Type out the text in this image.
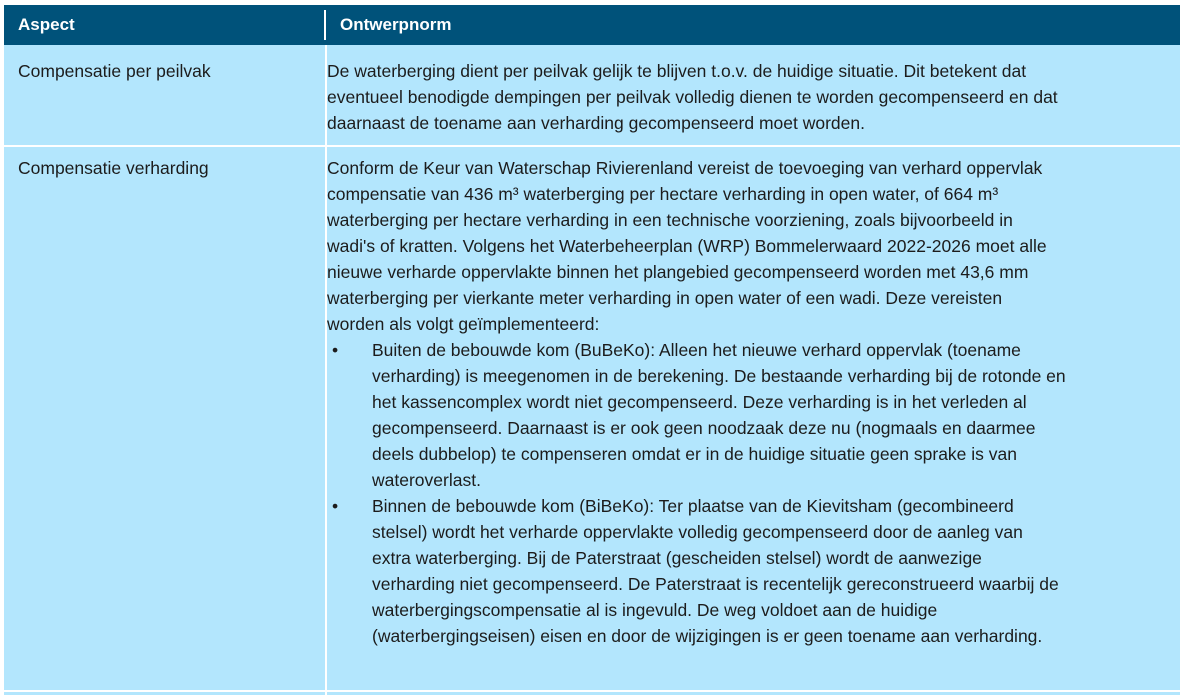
Aspect	Ontwerpnorm
Compensatie per peilvak	De waterberging dient per peilvak gelijk te blijven t.o.v. de huidige situatie. Dit betekent dat
eventueel benodigde dempingen per peilvak volledig dienen te worden gecompenseerd en dat
daarnaast de toename aan verharding gecompenseerd moet worden.
Compensatie verharding	Conform de Keur van Waterschap Rivierenland vereist de toevoeging van verhard oppervlak
compensatie van 436 m³ waterberging per hectare verharding in open water, of 664 m³
waterberging per hectare verharding in een technische voorziening, zoals bijvoorbeeld in
wadi's of kratten. Volgens het Waterbeheerplan (WRP) Bommelerwaard 2022-2026 moet alle
nieuwe verharde oppervlakte binnen het plangebied gecompenseerd worden met 43,6 mm
waterberging per vierkante meter verharding in open water of een wadi. Deze vereisten
worden als volgt geïmplementeerd:
• Buiten de bebouwde kom (BuBeKo): Alleen het nieuwe verhard oppervlak (toename
verharding) is meegenomen in de berekening. De bestaande verharding bij de rotonde en
het kassencomplex wordt niet gecompenseerd. Deze verharding is in het verleden al
gecompenseerd. Daarnaast is er ook geen noodzaak deze nu (nogmaals en daarmee
deels dubbelop) te compenseren omdat er in de huidige situatie geen sprake is van
wateroverlast.
• Binnen de bebouwde kom (BiBeKo): Ter plaatse van de Kievitsham (gecombineerd
stelsel) wordt het verharde oppervlakte volledig gecompenseerd door de aanleg van
extra waterberging. Bij de Paterstraat (gescheiden stelsel) wordt de aanwezige
verharding niet gecompenseerd. De Paterstraat is recentelijk gereconstrueerd waarbij de
waterbergingscompensatie al is ingevuld. De weg voldoet aan de huidige
(waterbergingseisen) eisen en door de wijzigingen is er geen toename aan verharding.
